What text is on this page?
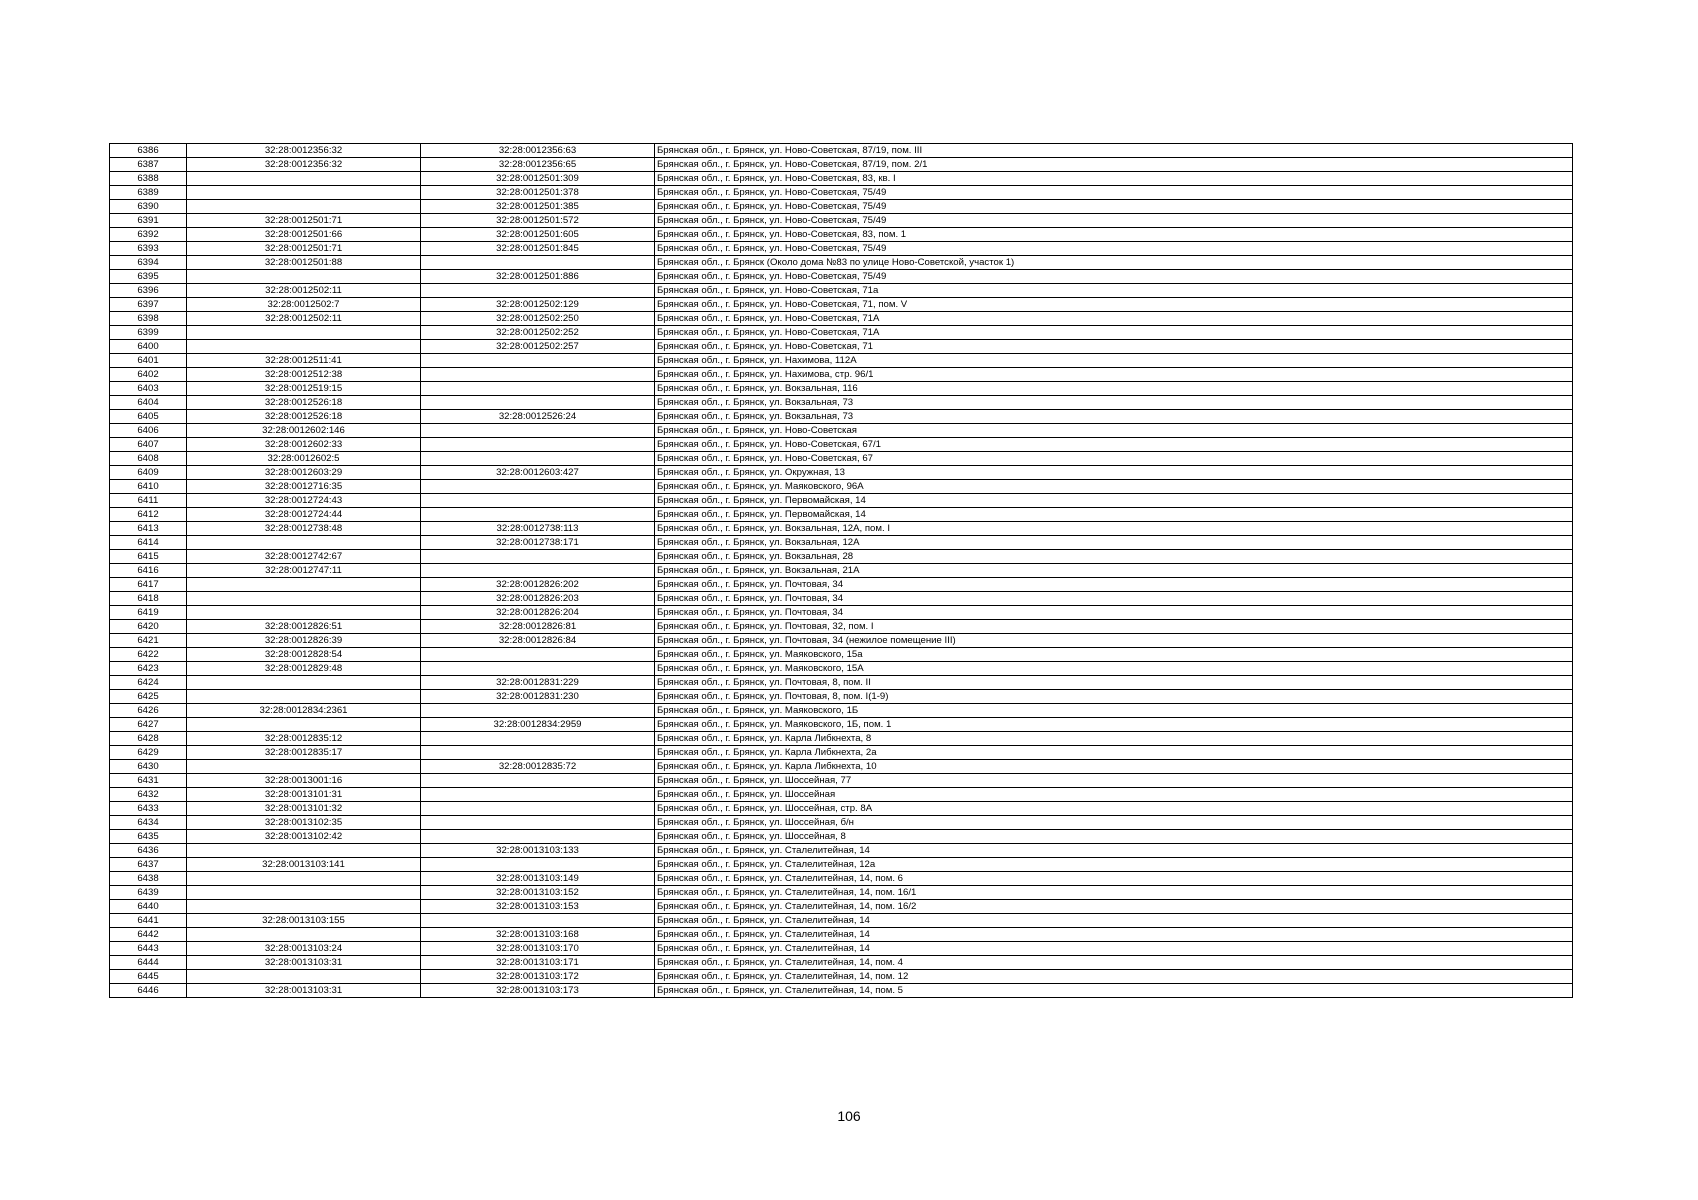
6386	32:28:0012356:32	32:28:0012356:63	Брянская обл., г. Брянск, ул. Ново-Советская, 87/19, пом. III
6387	32:28:0012356:32	32:28:0012356:65	Брянская обл., г. Брянск, ул. Ново-Советская, 87/19, пом. 2/1
6388		32:28:0012501:309	Брянская обл., г. Брянск, ул. Ново-Советская, 83, кв. I
6389		32:28:0012501:378	Брянская обл., г. Брянск, ул. Ново-Советская, 75/49
6390		32:28:0012501:385	Брянская обл., г. Брянск, ул. Ново-Советская, 75/49
6391	32:28:0012501:71	32:28:0012501:572	Брянская обл., г. Брянск, ул. Ново-Советская, 75/49
6392	32:28:0012501:66	32:28:0012501:605	Брянская обл., г. Брянск, ул. Ново-Советская, 83, пом. 1
6393	32:28:0012501:71	32:28:0012501:845	Брянская обл., г. Брянск, ул. Ново-Советская, 75/49
6394	32:28:0012501:88		Брянская обл., г. Брянск (Около дома №83 по улице Ново-Советской, участок 1)
6395		32:28:0012501:886	Брянская обл., г. Брянск, ул. Ново-Советская, 75/49
6396	32:28:0012502:11		Брянская обл., г. Брянск, ул. Ново-Советская, 71а
6397	32:28:0012502:7	32:28:0012502:129	Брянская обл., г. Брянск, ул. Ново-Советская, 71, пом. V
6398	32:28:0012502:11	32:28:0012502:250	Брянская обл., г. Брянск, ул. Ново-Советская, 71А
6399		32:28:0012502:252	Брянская обл., г. Брянск, ул. Ново-Советская, 71А
6400		32:28:0012502:257	Брянская обл., г. Брянск, ул. Ново-Советская, 71
6401	32:28:0012511:41		Брянская обл., г. Брянск, ул. Нахимова, 112А
6402	32:28:0012512:38		Брянская обл., г. Брянск, ул. Нахимова, стр. 96/1
6403	32:28:0012519:15		Брянская обл., г. Брянск, ул. Вокзальная, 116
6404	32:28:0012526:18		Брянская обл., г. Брянск, ул. Вокзальная, 73
6405	32:28:0012526:18	32:28:0012526:24	Брянская обл., г. Брянск, ул. Вокзальная, 73
6406	32:28:0012602:146		Брянская обл., г. Брянск, ул. Ново-Советская
6407	32:28:0012602:33		Брянская обл., г. Брянск, ул. Ново-Советская, 67/1
6408	32:28:0012602:5		Брянская обл., г. Брянск, ул. Ново-Советская, 67
6409	32:28:0012603:29	32:28:0012603:427	Брянская обл., г. Брянск, ул. Окружная, 13
6410	32:28:0012716:35		Брянская обл., г. Брянск, ул. Маяковского, 96А
6411	32:28:0012724:43		Брянская обл., г. Брянск, ул. Первомайская, 14
6412	32:28:0012724:44		Брянская обл., г. Брянск, ул. Первомайская, 14
6413	32:28:0012738:48	32:28:0012738:113	Брянская обл., г. Брянск, ул. Вокзальная, 12А, пом. I
6414		32:28:0012738:171	Брянская обл., г. Брянск, ул. Вокзальная, 12А
6415	32:28:0012742:67		Брянская обл., г. Брянск, ул. Вокзальная, 28
6416	32:28:0012747:11		Брянская обл., г. Брянск, ул. Вокзальная, 21А
6417		32:28:0012826:202	Брянская обл., г. Брянск, ул. Почтовая, 34
6418		32:28:0012826:203	Брянская обл., г. Брянск, ул. Почтовая, 34
6419		32:28:0012826:204	Брянская обл., г. Брянск, ул. Почтовая, 34
6420	32:28:0012826:51	32:28:0012826:81	Брянская обл., г. Брянск, ул. Почтовая, 32, пом. I
6421	32:28:0012826:39	32:28:0012826:84	Брянская обл., г. Брянск, ул. Почтовая, 34 (нежилое помещение III)
6422	32:28:0012828:54		Брянская обл., г. Брянск, ул. Маяковского, 15а
6423	32:28:0012829:48		Брянская обл., г. Брянск, ул. Маяковского, 15А
6424		32:28:0012831:229	Брянская обл., г. Брянск, ул. Почтовая, 8, пом. II
6425		32:28:0012831:230	Брянская обл., г. Брянск, ул. Почтовая, 8, пом. I(1-9)
6426	32:28:0012834:2361		Брянская обл., г. Брянск, ул. Маяковского, 1Б
6427		32:28:0012834:2959	Брянская обл., г. Брянск, ул. Маяковского, 1Б, пом. 1
6428	32:28:0012835:12		Брянская обл., г. Брянск, ул. Карла Либкнехта, 8
6429	32:28:0012835:17		Брянская обл., г. Брянск, ул. Карла Либкнехта, 2а
6430		32:28:0012835:72	Брянская обл., г. Брянск, ул. Карла Либкнехта, 10
6431	32:28:0013001:16		Брянская обл., г. Брянск, ул. Шоссейная, 77
6432	32:28:0013101:31		Брянская обл., г. Брянск, ул. Шоссейная
6433	32:28:0013101:32		Брянская обл., г. Брянск, ул. Шоссейная, стр. 8А
6434	32:28:0013102:35		Брянская обл., г. Брянск, ул. Шоссейная, б/н
6435	32:28:0013102:42		Брянская обл., г. Брянск, ул. Шоссейная, 8
6436		32:28:0013103:133	Брянская обл., г. Брянск, ул. Сталелитейная, 14
6437	32:28:0013103:141		Брянская обл., г. Брянск, ул. Сталелитейная, 12а
6438		32:28:0013103:149	Брянская обл., г. Брянск, ул. Сталелитейная, 14, пом. 6
6439		32:28:0013103:152	Брянская обл., г. Брянск, ул. Сталелитейная, 14, пом. 16/1
6440		32:28:0013103:153	Брянская обл., г. Брянск, ул. Сталелитейная, 14, пом. 16/2
6441	32:28:0013103:155		Брянская обл., г. Брянск, ул. Сталелитейная, 14
6442		32:28:0013103:168	Брянская обл., г. Брянск, ул. Сталелитейная, 14
6443	32:28:0013103:24	32:28:0013103:170	Брянская обл., г. Брянск, ул. Сталелитейная, 14
6444	32:28:0013103:31	32:28:0013103:171	Брянская обл., г. Брянск, ул. Сталелитейная, 14, пом. 4
6445		32:28:0013103:172	Брянская обл., г. Брянск, ул. Сталелитейная, 14, пом. 12
6446	32:28:0013103:31	32:28:0013103:173	Брянская обл., г. Брянск, ул. Сталелитейная, 14, пом. 5
106
